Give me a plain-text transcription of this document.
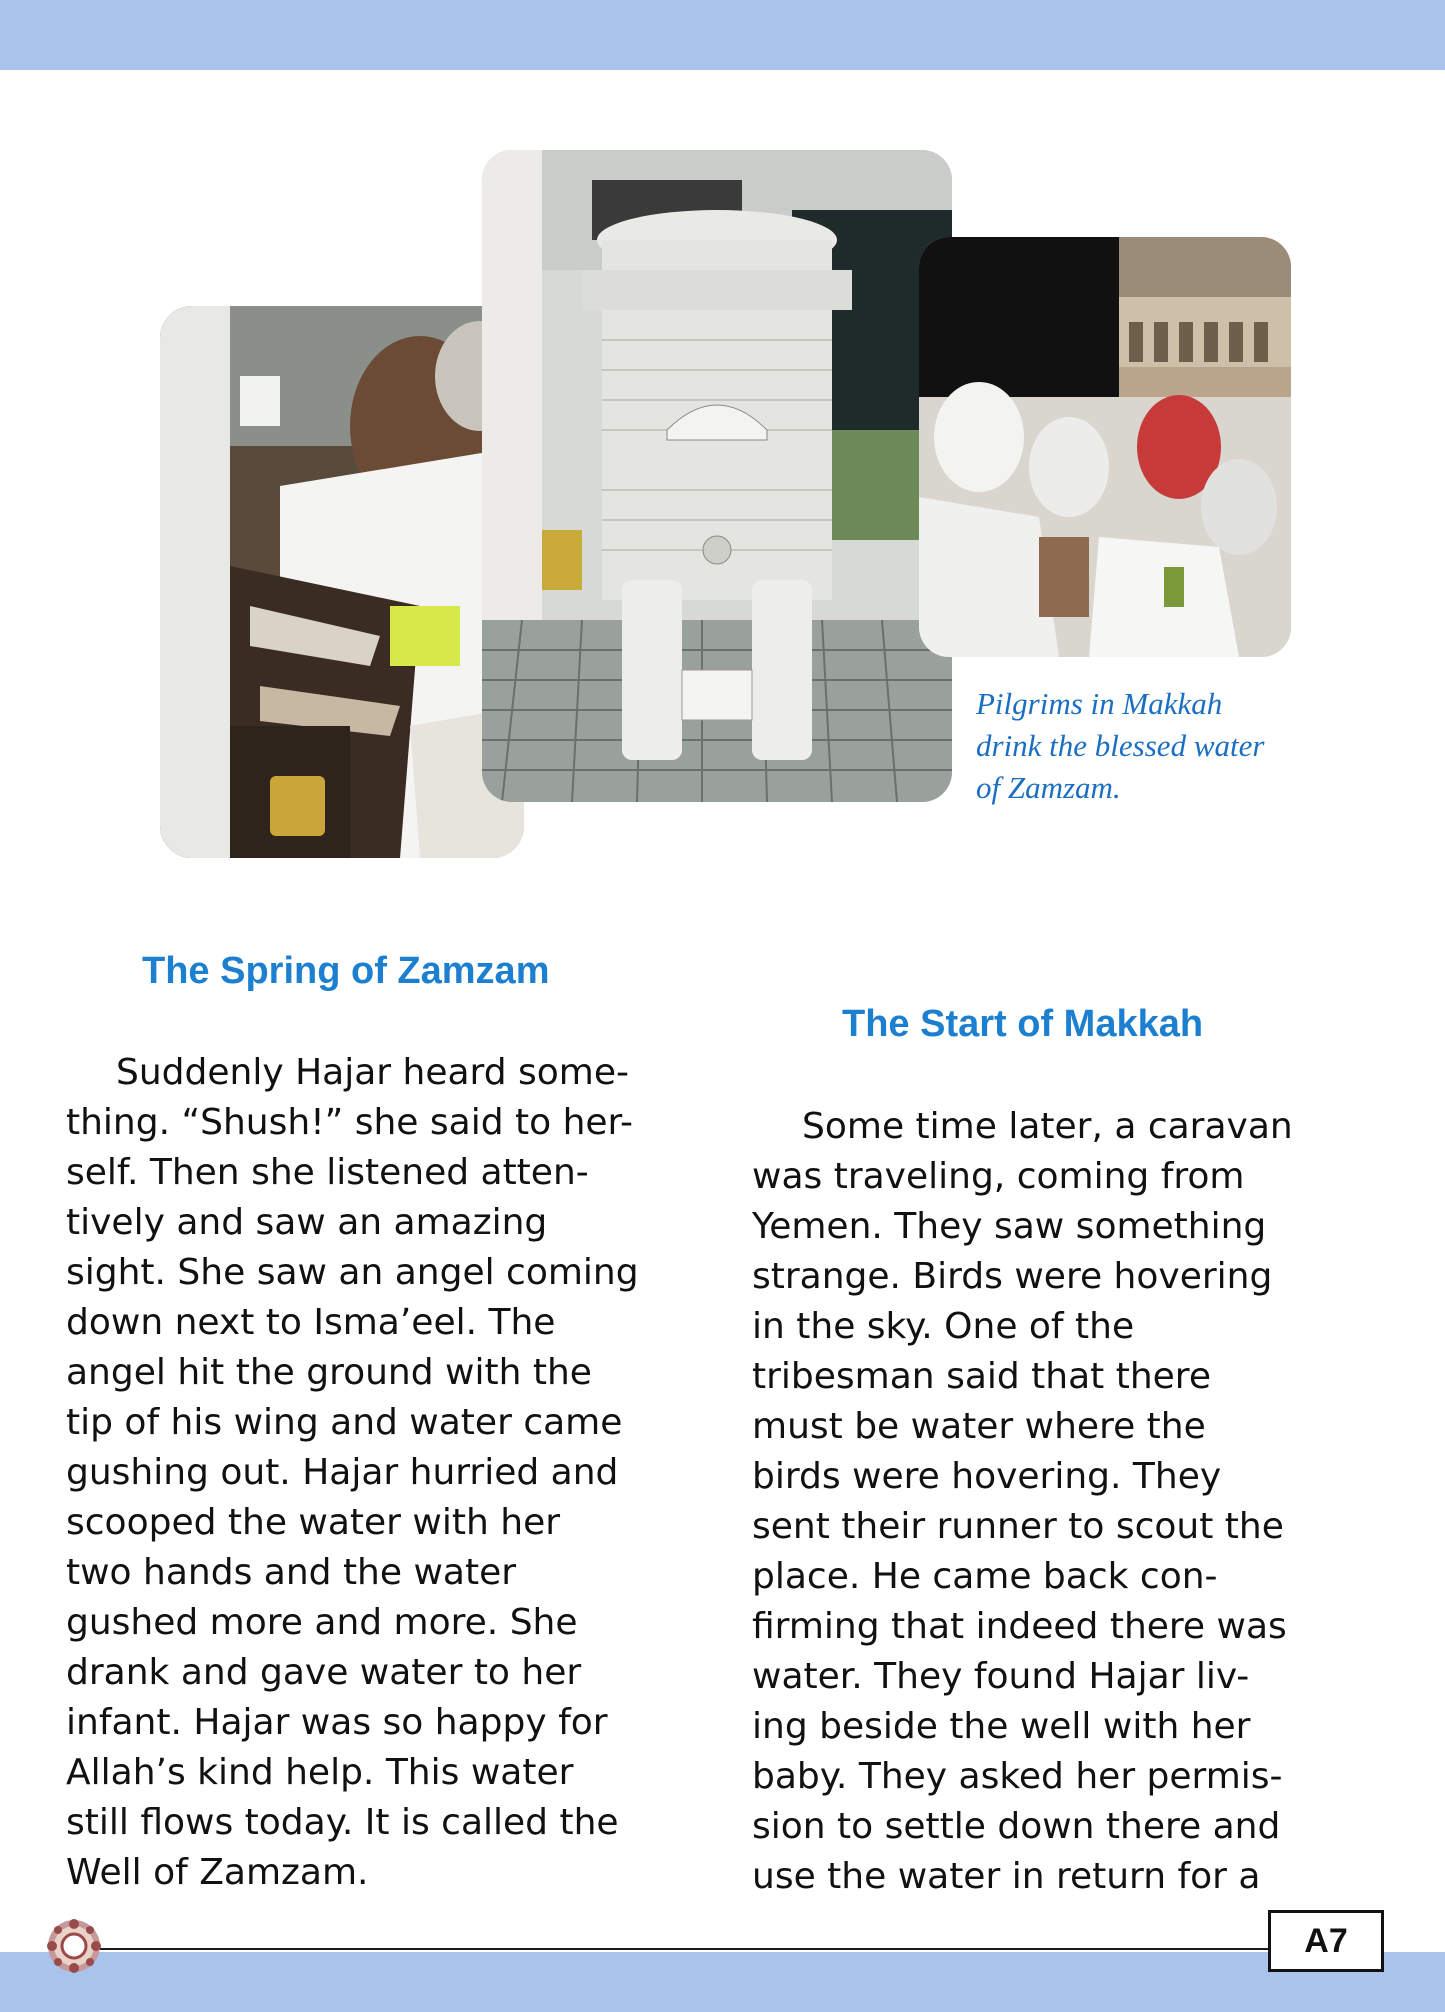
Pilgrims in Makkah
drink the blessed water
of Zamzam.
The Spring of Zamzam
Suddenly Hajar heard some-
thing. “Shush!” she said to her-
self. Then she listened atten-
tively and saw an amazing
sight. She saw an angel coming
down next to Isma’eel. The
angel hit the ground with the
tip of his wing and water came
gushing out. Hajar hurried and
scooped the water with her
two hands and the water
gushed more and more. She
drank and gave water to her
infant. Hajar was so happy for
Allah’s kind help. This water
still flows today. It is called the
Well of Zamzam.
The Start of Makkah
Some time later, a caravan
was traveling, coming from
Yemen. They saw something
strange. Birds were hovering
in the sky. One of the
tribesman said that there
must be water where the
birds were hovering. They
sent their runner to scout the
place. He came back con-
firming that indeed there was
water. They found Hajar liv-
ing beside the well with her
baby. They asked her permis-
sion to settle down there and
use the water in return for a
A7
